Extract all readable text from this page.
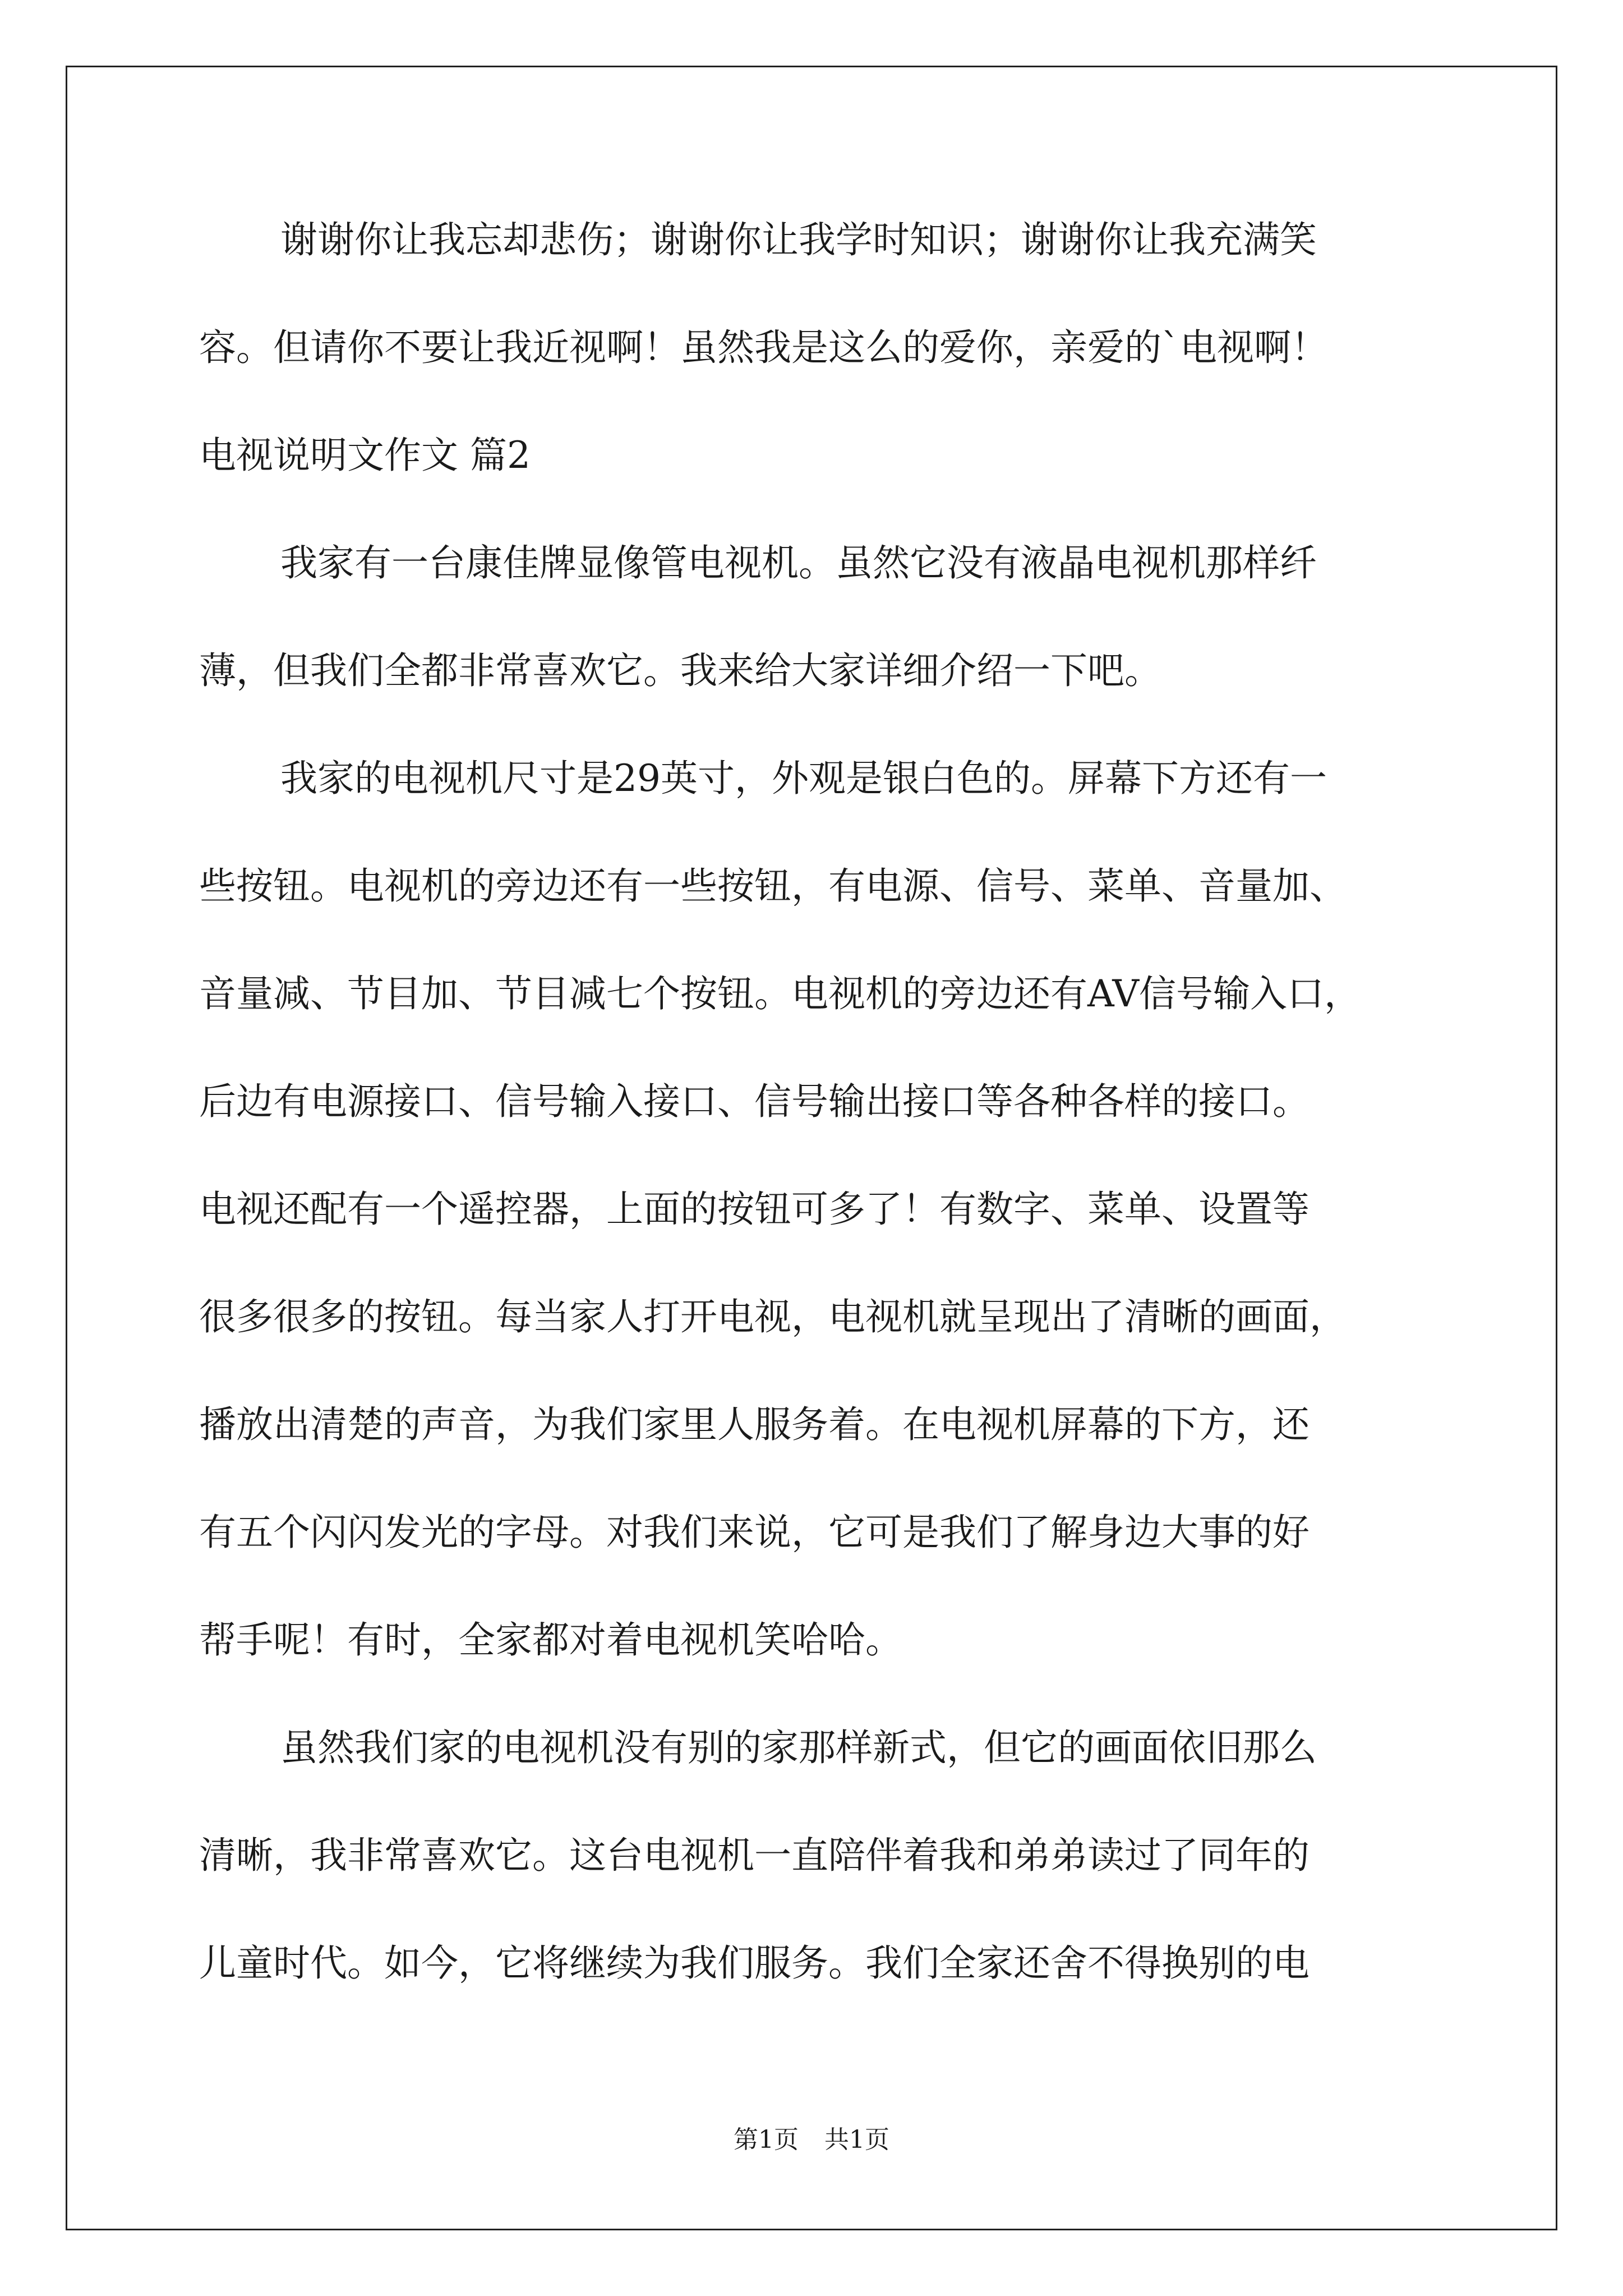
谢谢你让我忘却悲伤；谢谢你让我学时知识；谢谢你让我充满笑
容。但请你不要让我近视啊！虽然我是这么的爱你，亲爱的`电视啊！
电视说明文作文 篇2
我家有一台康佳牌显像管电视机。虽然它没有液晶电视机那样纤
薄，但我们全都非常喜欢它。我来给大家详细介绍一下吧。
我家的电视机尺寸是29英寸，外观是银白色的。屏幕下方还有一
些按钮。电视机的旁边还有一些按钮，有电源、信号、菜单、音量加、
音量减、节目加、节目减七个按钮。电视机的旁边还有AV信号输入口，
后边有电源接口、信号输入接口、信号输出接口等各种各样的接口。
电视还配有一个遥控器，上面的按钮可多了！有数字、菜单、设置等
很多很多的按钮。每当家人打开电视，电视机就呈现出了清晰的画面，
播放出清楚的声音，为我们家里人服务着。在电视机屏幕的下方，还
有五个闪闪发光的字母。对我们来说，它可是我们了解身边大事的好
帮手呢！有时，全家都对着电视机笑哈哈。
虽然我们家的电视机没有别的家那样新式，但它的画面依旧那么
清晰，我非常喜欢它。这台电视机一直陪伴着我和弟弟读过了同年的
儿童时代。如今，它将继续为我们服务。我们全家还舍不得换别的电
第1页 共1页
